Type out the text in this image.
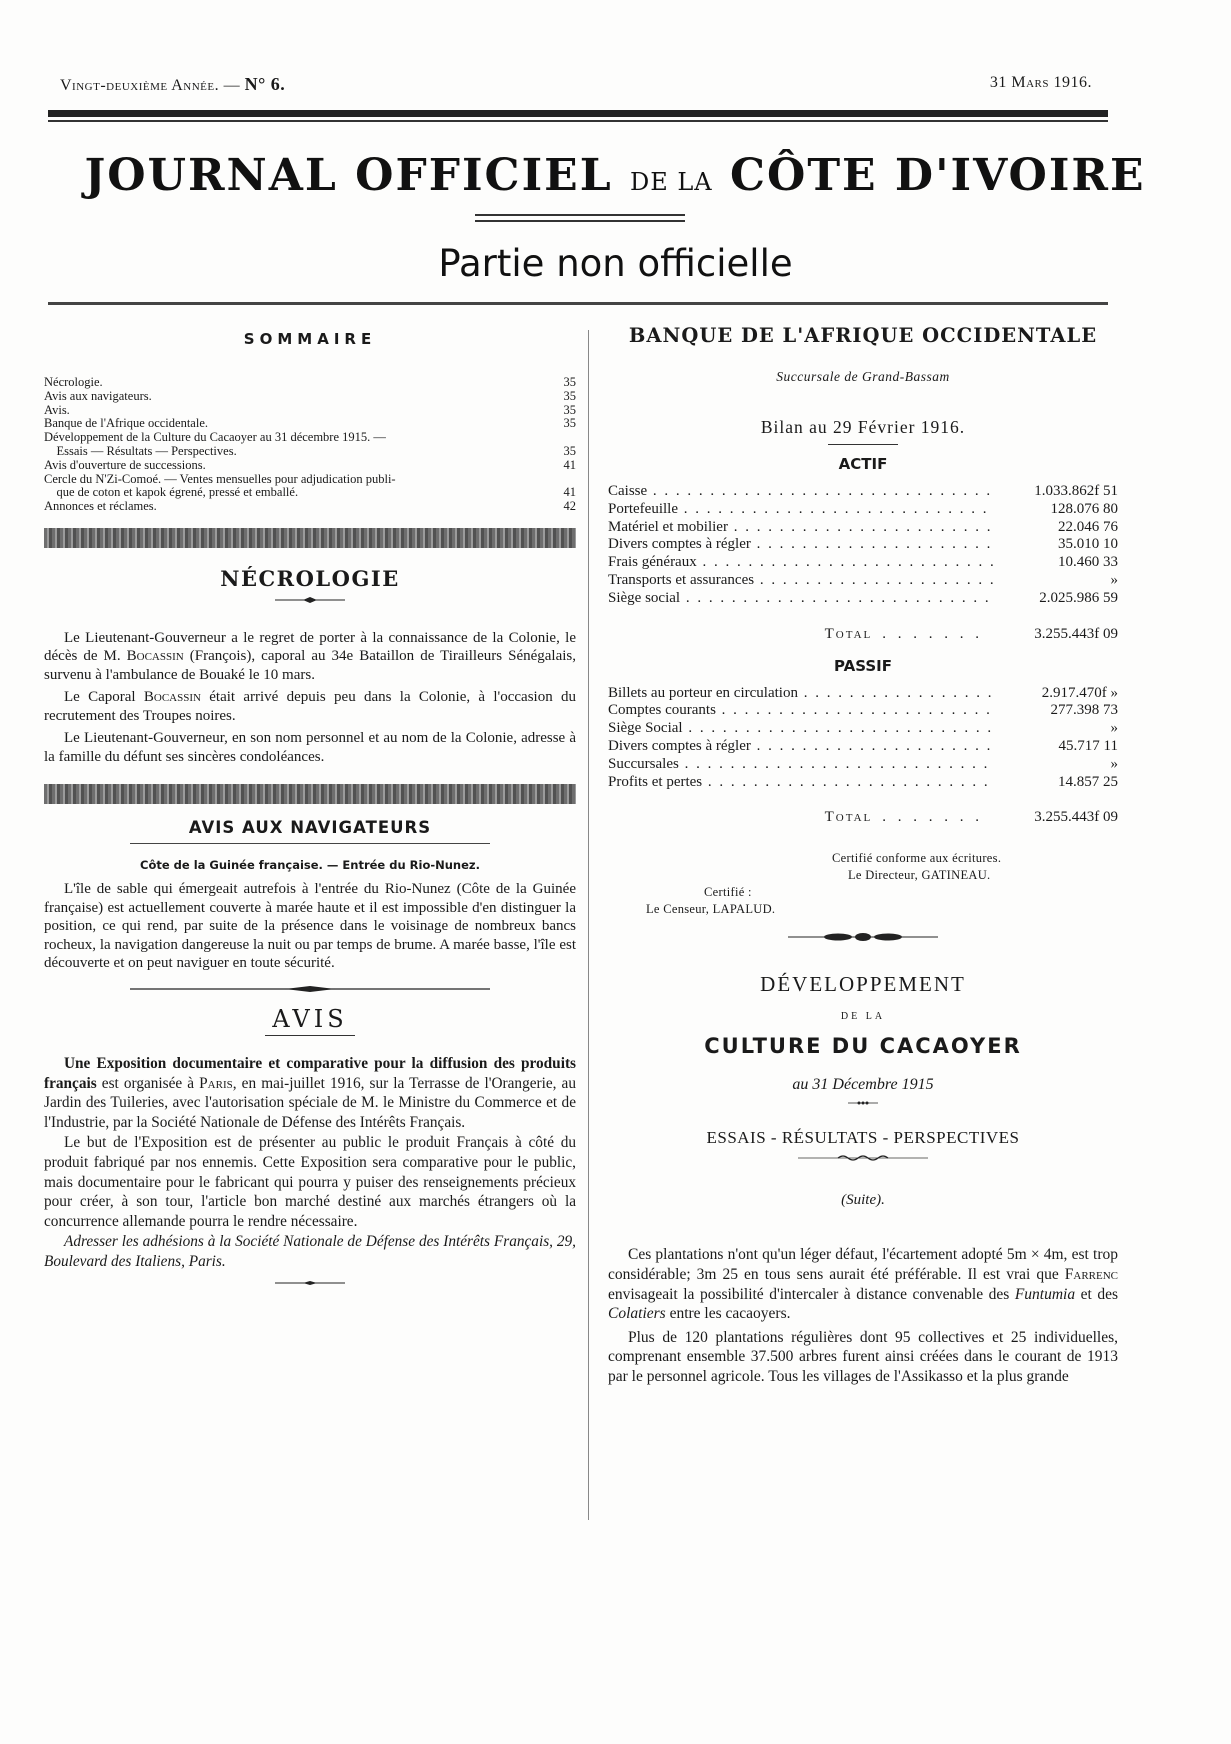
Vingt-deuxième Année. — N° 6.	31 Mars 1916.
JOURNAL OFFICIEL DE LA CÔTE D'IVOIRE
Partie non officielle
SOMMAIRE
Nécrologie.	35
Avis aux navigateurs.	35
Avis.	35
Banque de l'Afrique occidentale.	35
Développement de la Culture du Cacaoyer au 31 décembre 1915. —
Essais — Résultats — Perspectives.	35
Avis d'ouverture de successions.	41
Cercle du N'Zi-Comoé. — Ventes mensuelles pour adjudication publi-
que de coton et kapok égrené, pressé et emballé.	41
Annonces et réclames.	42
NÉCROLOGIE

Le Lieutenant-Gouverneur a le regret de porter à la connaissance de la Colonie, le décès de M. Bocassin (François), caporal au 34e Bataillon de Tirailleurs Sénégalais, survenu à l'ambulance de Bouaké le 10 mars.

Le Caporal Bocassin était arrivé depuis peu dans la Colonie, à l'occasion du recrutement des Troupes noires.

Le Lieutenant-Gouverneur, en son nom personnel et au nom de la Colonie, adresse à la famille du défunt ses sincères condoléances.

AVIS AUX NAVIGATEURS
Côte de la Guinée française. — Entrée du Rio-Nunez.

L'île de sable qui émergeait autrefois à l'entrée du Rio-Nunez (Côte de la Guinée française) est actuellement couverte à marée haute et il est impossible d'en distinguer la position, ce qui rend, par suite de la présence dans le voisinage de nombreux bancs rocheux, la navigation dangereuse la nuit ou par temps de brume. A marée basse, l'île est découverte et on peut naviguer en toute sécurité.

AVIS

Une Exposition documentaire et comparative pour la diffusion des produits français est organisée à Paris, en mai-juillet 1916, sur la Terrasse de l'Orangerie, au Jardin des Tuileries, avec l'autorisation spéciale de M. le Ministre du Commerce et de l'Industrie, par la Société Nationale de Défense des Intérêts Français.

Le but de l'Exposition est de présenter au public le produit Français à côté du produit fabriqué par nos ennemis. Cette Exposition sera comparative pour le public, mais documentaire pour le fabricant qui pourra y puiser des renseignements précieux pour créer, à son tour, l'article bon marché destiné aux marchés étrangers où la concurrence allemande pourra le rendre nécessaire.

Adresser les adhésions à la Société Nationale de Défense des Intérêts Français, 29, Boulevard des Italiens, Paris.

BANQUE DE L'AFRIQUE OCCIDENTALE
Succursale de Grand-Bassam
Bilan au 29 Février 1916.
ACTIF
Caisse . . .	1.033.862f 51
Portefeuille . . .	128.076 80
Matériel et mobilier . . .	22.046 76
Divers comptes à régler . . .	35.010 10
Frais généraux . . .	10.460 33
Transports et assurances . . .	»
Siège social . . .	2.025.986 59
Total . . . . . . .	3.255.443f 09
PASSIF
Billets au porteur en circulation . . .	2.917.470f »
Comptes courants . . .	277.398 73
Siège Social . . .	»
Divers comptes à régler . . .	45.717 11
Succursales . . .	»
Profits et pertes . . .	14.857 25
Total . . . . . . .	3.255.443f 09
Certifié conforme aux écritures.
Le Directeur, GATINEAU.
Certifié :
Le Censeur, LAPALUD.
DÉVELOPPEMENT
DE LA
CULTURE DU CACAOYER
au 31 Décembre 1915
ESSAIS - RÉSULTATS - PERSPECTIVES
(Suite).

Ces plantations n'ont qu'un léger défaut, l'écartement adopté 5m × 4m, est trop considérable; 3m 25 en tous sens aurait été préférable. Il est vrai que Farrenc envisageait la possibilité d'intercaler à distance convenable des Funtumia et des Colatiers entre les cacaoyers.

Plus de 120 plantations régulières dont 95 collectives et 25 individuelles, comprenant ensemble 37.500 arbres furent ainsi créées dans le courant de 1913 par le personnel agricole. Tous les villages de l'Assikasso et la plus grande
